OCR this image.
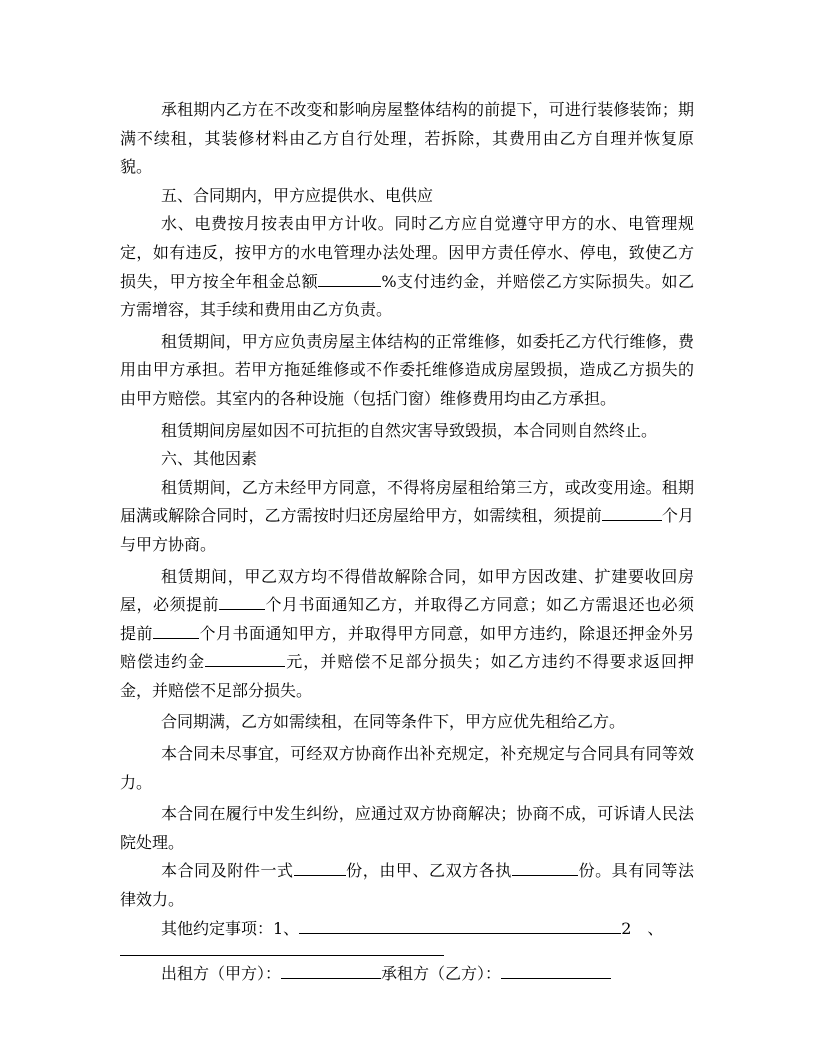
承租期内乙方在不改变和影响房屋整体结构的前提下，可进行装修装饰；期满不续租，其装修材料由乙方自行处理，若拆除，其费用由乙方自理并恢复原貌。

五、合同期内，甲方应提供水、电供应

水、电费按月按表由甲方计收。同时乙方应自觉遵守甲方的水、电管理规定，如有违反，按甲方的水电管理办法处理。因甲方责任停水、停电，致使乙方损失，甲方按全年租金总额	%支付违约金，并赔偿乙方实际损失。如乙方需增容，其手续和费用由乙方负责。

租赁期间，甲方应负责房屋主体结构的正常维修，如委托乙方代行维修，费用由甲方承担。若甲方拖延维修或不作委托维修造成房屋毁损，造成乙方损失的由甲方赔偿。其室内的各种设施（包括门窗）维修费用均由乙方承担。

租赁期间房屋如因不可抗拒的自然灾害导致毁损，本合同则自然终止。

六、其他因素

租赁期间，乙方未经甲方同意，不得将房屋租给第三方，或改变用途。租期届满或解除合同时，乙方需按时归还房屋给甲方，如需续租，须提前	个月与甲方协商。

租赁期间，甲乙双方均不得借故解除合同，如甲方因改建、扩建要收回房屋，必须提前	个月书面通知乙方，并取得乙方同意；如乙方需退还也必须提前	个月书面通知甲方，并取得甲方同意，如甲方违约，除退还押金外另赔偿违约金	元，并赔偿不足部分损失；如乙方违约不得要求返回押金，并赔偿不足部分损失。

合同期满，乙方如需续租，在同等条件下，甲方应优先租给乙方。

本合同未尽事宜，可经双方协商作出补充规定，补充规定与合同具有同等效力。

本合同在履行中发生纠纷，应通过双方协商解决；协商不成，可诉请人民法院处理。

本合同及附件一式	份，由甲、乙双方各执	份。具有同等法律效力。

其他约定事项：1、	2　、

出租方（甲方）：	承租方（乙方）：
